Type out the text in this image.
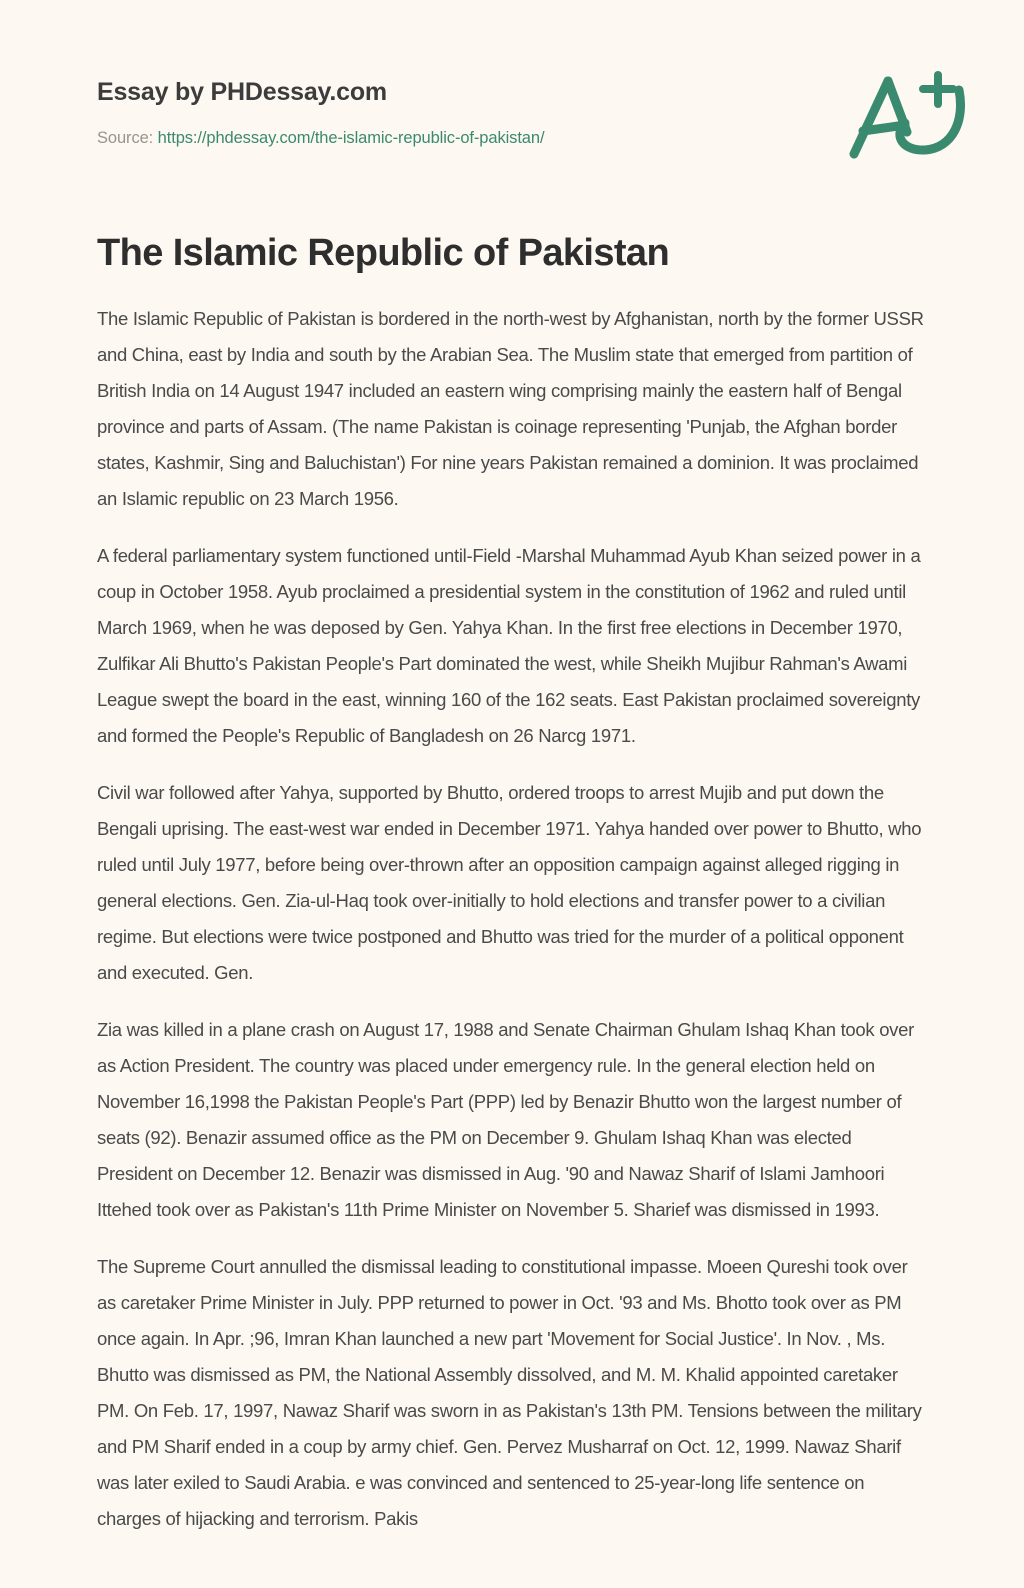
Essay by PHDessay.com
Source: https://phdessay.com/the-islamic-republic-of-pakistan/
The Islamic Republic of Pakistan

The Islamic Republic of Pakistan is bordered in the north-west by Afghanistan, north by the former USSR and China, east by India and south by the Arabian Sea. The Muslim state that emerged from partition of British India on 14 August 1947 included an eastern wing comprising mainly the eastern half of Bengal province and parts of Assam. (The name Pakistan is coinage representing 'Punjab, the Afghan border states, Kashmir, Sing and Baluchistan') For nine years Pakistan remained a dominion. It was proclaimed an Islamic republic on 23 March 1956.

A federal parliamentary system functioned until-Field -Marshal Muhammad Ayub Khan seized power in a coup in October 1958. Ayub proclaimed a presidential system in the constitution of 1962 and ruled until March 1969, when he was deposed by Gen. Yahya Khan. In the first free elections in December 1970, Zulfikar Ali Bhutto's Pakistan People's Part dominated the west, while Sheikh Mujibur Rahman's Awami League swept the board in the east, winning 160 of the 162 seats. East Pakistan proclaimed sovereignty and formed the People's Republic of Bangladesh on 26 Narcg 1971.

Civil war followed after Yahya, supported by Bhutto, ordered troops to arrest Mujib and put down the Bengali uprising. The east-west war ended in December 1971. Yahya handed over power to Bhutto, who ruled until July 1977, before being over-thrown after an opposition campaign against alleged rigging in general elections. Gen. Zia-ul-Haq took over-initially to hold elections and transfer power to a civilian regime. But elections were twice postponed and Bhutto was tried for the murder of a political opponent and executed. Gen.

Zia was killed in a plane crash on August 17, 1988 and Senate Chairman Ghulam Ishaq Khan took over as Action President. The country was placed under emergency rule. In the general election held on November 16,1998 the Pakistan People's Part (PPP) led by Benazir Bhutto won the largest number of seats (92). Benazir assumed office as the PM on December 9. Ghulam Ishaq Khan was elected President on December 12. Benazir was dismissed in Aug. '90 and Nawaz Sharif of Islami Jamhoori Ittehed took over as Pakistan's 11th Prime Minister on November 5. Sharief was dismissed in 1993.

The Supreme Court annulled the dismissal leading to constitutional impasse. Moeen Qureshi took over as caretaker Prime Minister in July. PPP returned to power in Oct. '93 and Ms. Bhotto took over as PM once again. In Apr. ;96, Imran Khan launched a new part 'Movement for Social Justice'. In Nov. , Ms. Bhutto was dismissed as PM, the National Assembly dissolved, and M. M. Khalid appointed caretaker PM. On Feb. 17, 1997, Nawaz Sharif was sworn in as Pakistan's 13th PM. Tensions between the military and PM Sharif ended in a coup by army chief. Gen. Pervez Musharraf on Oct. 12, 1999. Nawaz Sharif was later exiled to Saudi Arabia. e was convinced and sentenced to 25-year-long life sentence on charges of hijacking and terrorism. Pakis
